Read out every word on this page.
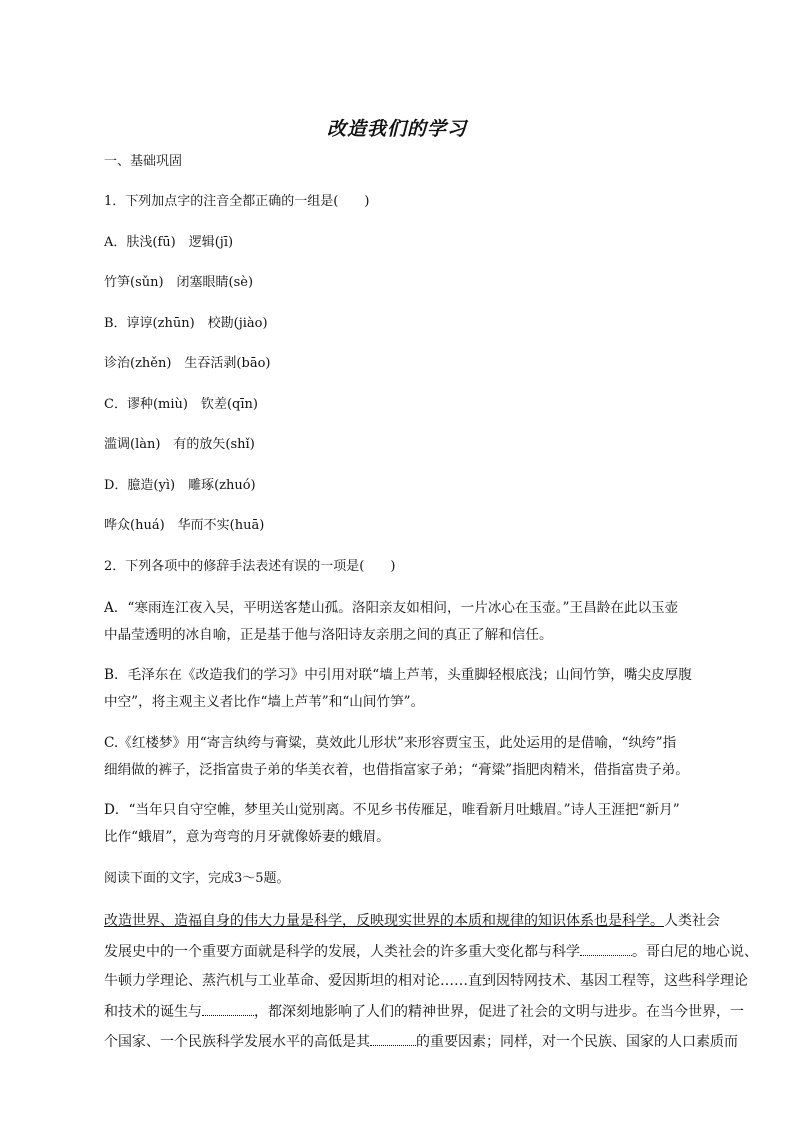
改造我们的学习
一、基础巩固
1．下列加点字的注音全都正确的一组是(　　)
A．肤浅(fū)　逻辑(jī)
竹笋(sǔn)　闭塞眼睛(sè)
B．谆谆(zhūn)　校勘(jiào)
诊治(zhěn)　生吞活剥(bāo)
C．谬种(miù)　钦差(qīn)
滥调(làn)　有的放矢(shǐ)
D．臆造(yì)　雕琢(zhuó)
哗众(huá)　华而不实(huā)
2．下列各项中的修辞手法表述有误的一项是(　　)
A．“寒雨连江夜入吴，平明送客楚山孤。洛阳亲友如相问，一片冰心在玉壶。”王昌龄在此以玉壶
中晶莹透明的冰自喻，正是基于他与洛阳诗友亲朋之间的真正了解和信任。
B．毛泽东在《改造我们的学习》中引用对联“墙上芦苇，头重脚轻根底浅；山间竹笋，嘴尖皮厚腹
中空”，将主观主义者比作“墙上芦苇”和“山间竹笋”。
C.《红楼梦》用“寄言纨绔与膏粱，莫效此儿形状”来形容贾宝玉，此处运用的是借喻，“纨绔”指
细绢做的裤子，泛指富贵子弟的华美衣着，也借指富家子弟；“膏粱”指肥肉精米，借指富贵子弟。
D．“当年只自守空帷，梦里关山觉别离。不见乡书传雁足，唯看新月吐蛾眉。”诗人王涯把“新月”
比作“蛾眉”，意为弯弯的月牙就像娇妻的蛾眉。
阅读下面的文字，完成3～5题。
改造世界、造福自身的伟大力量是科学，反映现实世界的本质和规律的知识体系也是科学。人类社会
发展史中的一个重要方面就是科学的发展，人类社会的许多重大变化都与科学	。哥白尼的地心说、
牛顿力学理论、蒸汽机与工业革命、爱因斯坦的相对论……直到因特网技术、基因工程等，这些科学理论
和技术的诞生与	，都深刻地影响了人们的精神世界，促进了社会的文明与进步。在当今世界，一
个国家、一个民族科学发展水平的高低是其	的重要因素；同样，对一个民族、国家的人口素质而
